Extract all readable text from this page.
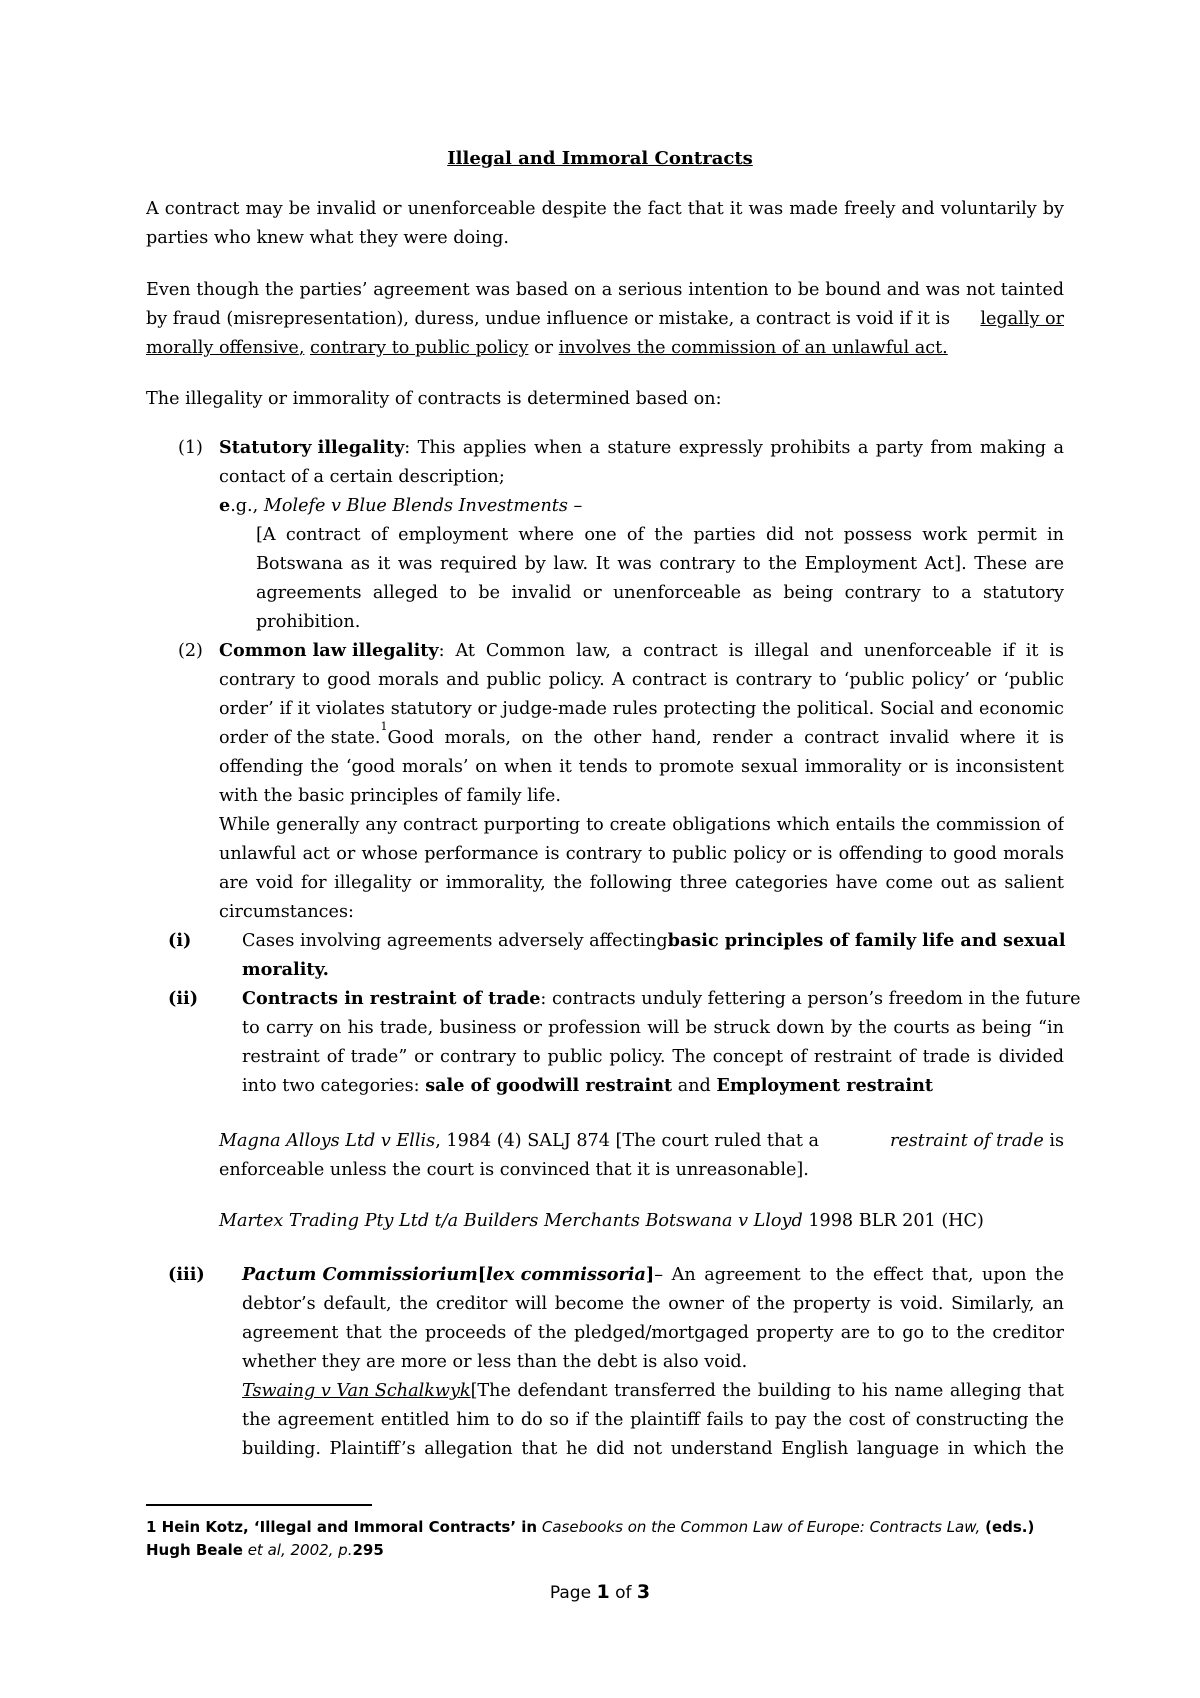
Illegal and Immoral Contracts
A contract may be invalid or unenforceable despite the fact that it was made freely and voluntarily by
parties who knew what they were doing.
Even though the parties’ agreement was based on a serious intention to be bound and was not tainted
by fraud (misrepresentation), duress, undue influence or mistake, a contract is void if it is legally or
morally offensive, contrary to public policy or involves the commission of an unlawful act.
The illegality or immorality of contracts is determined based on:
(1) Statutory illegality : This applies when a stature expressly prohibits a party from making a
contact of a certain description;
e.g., Molefe v Blue Blends Investments –
[A contract of employment where one of the parties did not possess work permit in
Botswana as it was required by law. It was contrary to the Employment Act]. These are
agreements alleged to be invalid or unenforceable as being contrary to a statutory
prohibition.
(2) Common law illegality : At Common law, a contract is illegal and unenforceable if it is
contrary to good morals and public policy. A contract is contrary to ‘public policy’ or ‘public
order’ if it violates statutory or judge-made rules protecting the political. Social and economic
order of the state.
1
Good morals, on the other hand, render a contract invalid where it is
offending the ‘good morals’ on when it tends to promote sexual immorality or is inconsistent
with the basic principles of family life.
While generally any contract purporting to create obligations which entails the commission of
unlawful act or whose performance is contrary to public policy or is offending to good morals
are void for illegality or immorality, the following three categories have come out as salient
circumstances:
(i)	Cases involving agreements adversely affecting basic principles of family life and sexual
morality.
(ii) Contracts in restraint of trade : contracts unduly fettering a person’s freedom in the future
to carry on his trade, business or profession will be struck down by the courts as being “in
restraint of trade” or contrary to public policy. The concept of restraint of trade is divided
into two categories: sale of goodwill restraint and Employment restraint
Magna Alloys Ltd v Ellis, 1984 (4) SALJ 874 [The court ruled that a	restraint of trade is
enforceable unless the court is convinced that it is unreasonable].
Martex Trading Pty Ltd t/a Builders Merchants Botswana v Lloyd 1998 BLR 201 (HC)
(iii) Pactum Commissiorium [ lex commissoria ] – An agreement to the effect that, upon the
debtor’s default, the creditor will become the owner of the property is void. Similarly, an
agreement that the proceeds of the pledged/mortgaged property are to go to the creditor
whether they are more or less than the debt is also void.
Tswaing v Van Schalkwyk [The defendant transferred the building to his name alleging that
the agreement entitled him to do so if the plaintiff fails to pay the cost of constructing the
building. Plaintiff’s allegation that he did not understand English language in which the
1 Hein Kotz, ‘Illegal and Immoral Contracts’ in Casebooks on the Common Law of Europe: Contracts Law, (eds.)
Hugh Beale et al, 2002, p.295
Page 1 of 3
